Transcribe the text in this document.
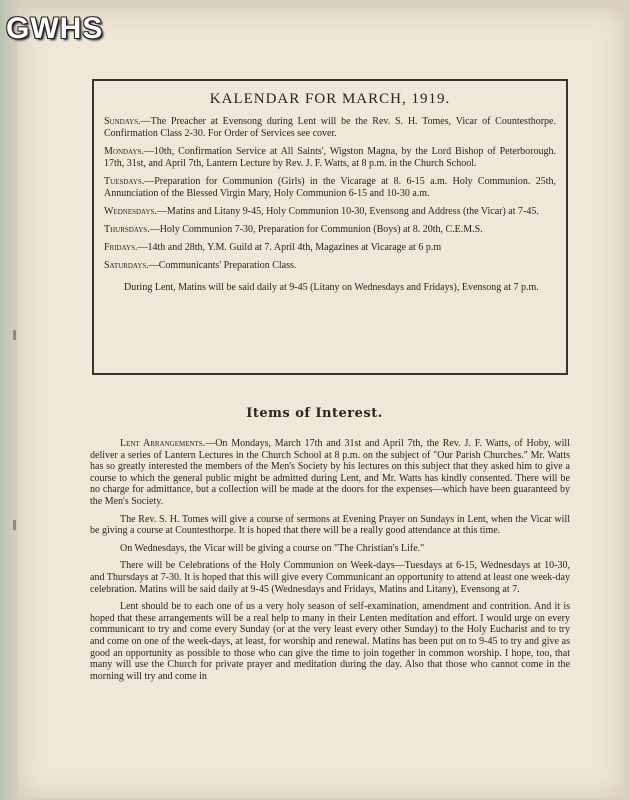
GWHS
KALENDAR FOR MARCH, 1919.
Sundays.—The Preacher at Evensong during Lent will be the Rev. S. H. Tomes, Vicar of Countesthorpe. Confirmation Class 2-30. For Order of Services see cover.
Mondays.—10th, Confirmation Service at All Saints', Wigston Magna, by the Lord Bishop of Peterborough. 17th, 31st, and April 7th, Lantern Lecture by Rev. J. F. Watts, at 8 p.m. in the Church School.
Tuesdays.—Preparation for Communion (Girls) in the Vicarage at 8. 6-15 a.m. Holy Communion. 25th, Annunciation of the Blessed Virgin Mary, Holy Communion 6-15 and 10-30 a.m.
Wednesdays.—Matins and Litany 9-45, Holy Communion 10-30, Evensong and Address (the Vicar) at 7-45.
Thursdays.—Holy Communion 7-30, Preparation for Communion (Boys) at 8. 20th, C.E.M.S.
Fridays.—14th and 28th, Y.M. Guild at 7. April 4th, Magazines at Vicarage at 6 p.m
Saturdays.—Communicants' Preparation Class.
During Lent, Matins will be said daily at 9-45 (Litany on Wednesdays and Fridays), Evensong at 7 p.m.
Items of Interest.

Lent Arrangements.—On Mondays, March 17th and 31st and April 7th, the Rev. J. F. Watts, of Hoby, will deliver a series of Lantern Lectures in the Church School at 8 p.m. on the subject of "Our Parish Churches." Mr. Watts has so greatly interested the members of the Men's Society by his lectures on this subject that they asked him to give a course to which the general public might be admitted during Lent, and Mr. Watts has kindly consented. There will be no charge for admittance, but a collection will be made at the doors for the expenses—which have been guaranteed by the Men's Society.

The Rev. S. H. Tomes will give a course of sermons at Evening Prayer on Sundays in Lent, when the Vicar will be giving a course at Countesthorpe. It is hoped that there will be a really good attendance at this time.

On Wednesdays, the Vicar will be giving a course on "The Christian's Life."

There will be Celebrations of the Holy Communion on Week-days—Tuesdays at 6-15, Wednesdays at 10-30, and Thursdays at 7-30. It is hoped that this will give every Communicant an opportunity to attend at least one week-day celebration. Matins will be said daily at 9-45 (Wednesdays and Fridays, Matins and Litany), Evensong at 7.

Lent should be to each one of us a very holy season of self-examination, amendment and contrition. And it is hoped that these arrangements will be a real help to many in their Lenten meditation and effort. I would urge on every communicant to try and come every Sunday (or at the very least every other Sunday) to the Holy Eucharist and to try and come on one of the week-days, at least, for worship and renewal. Matins has been put on to 9-45 to try and give as good an opportunity as possible to those who can give the time to join together in common worship. I hope, too, that many will use the Church for private prayer and meditation during the day. Also that those who cannot come in the morning will try and come in
